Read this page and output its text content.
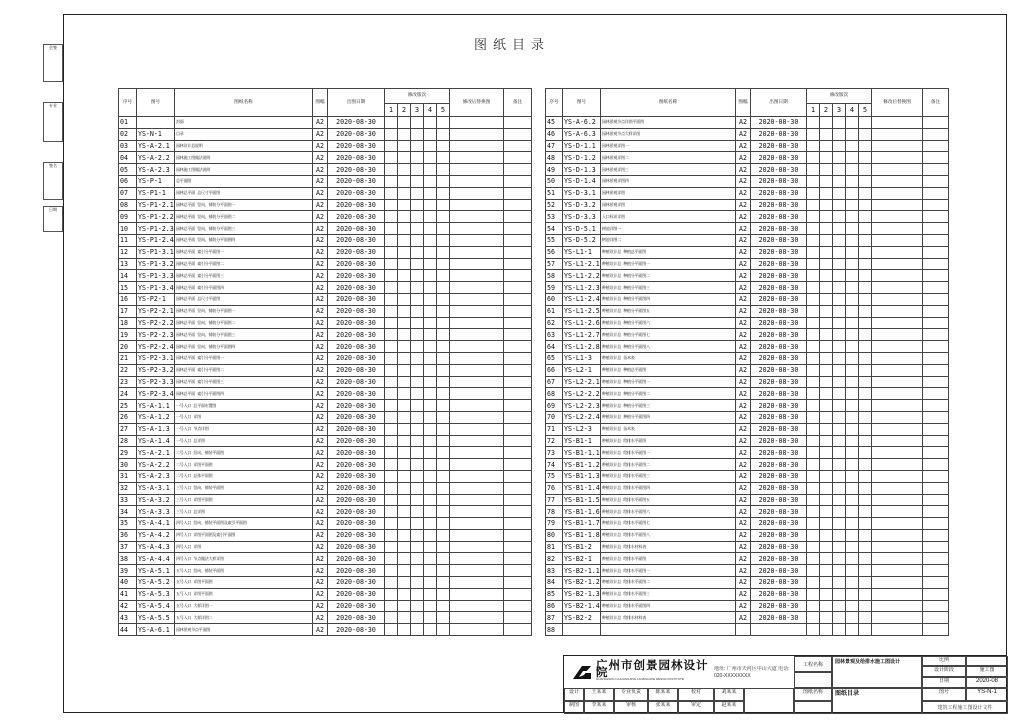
会签
专业
签名
日期
图纸目录
序号	图号	图纸名称	图幅	出图日期	修改版次					修改后替换图	备注
					1	2	3	4	5		
01		封面	A2	2020-08-30							
02	YS-N-1	目录	A2	2020-08-30							
03	YS-A-2.1	园林设计总说明	A2	2020-08-30							
04	YS-A-2.2	园林施工图做法说明	A2	2020-08-30							
05	YS-A-2.3	园林施工图做法说明	A2	2020-08-30							
06	YS-P-1	总平面图	A2	2020-08-30							
07	YS-P1-1	园林总平面 总尺寸平面图	A2	2020-08-30							
08	YS-P1-2.1	园林总平面 竖向、铺装分平面图一	A2	2020-08-30							
09	YS-P1-2.2	园林总平面 竖向、铺装分平面图二	A2	2020-08-30							
10	YS-P1-2.3	园林总平面 竖向、铺装分平面图三	A2	2020-08-30							
11	YS-P1-2.4	园林总平面 竖向、铺装分平面图四	A2	2020-08-30							
12	YS-P1-3.1	园林总平面 索引分平面图一	A2	2020-08-30							
13	YS-P1-3.2	园林总平面 索引分平面图二	A2	2020-08-30							
14	YS-P1-3.3	园林总平面 索引分平面图三	A2	2020-08-30							
15	YS-P1-3.4	园林总平面 索引分平面图四	A2	2020-08-30							
16	YS-P2-1	园林总平面 总尺寸平面图	A2	2020-08-30							
17	YS-P2-2.1	园林总平面 竖向、铺装分平面图一	A2	2020-08-30							
18	YS-P2-2.2	园林总平面 竖向、铺装分平面图二	A2	2020-08-30							
19	YS-P2-2.3	园林总平面 竖向、铺装分平面图三	A2	2020-08-30							
20	YS-P2-2.4	园林总平面 竖向、铺装分平面图四	A2	2020-08-30							
21	YS-P2-3.1	园林总平面 索引分平面图一	A2	2020-08-30							
22	YS-P2-3.2	园林总平面 索引分平面图二	A2	2020-08-30							
23	YS-P2-3.3	园林总平面 索引分平面图三	A2	2020-08-30							
24	YS-P2-3.4	园林总平面 索引分平面图四	A2	2020-08-30							
25	YS-A-1.1	一号入口 总平面布置图	A2	2020-08-30							
26	YS-A-1.2	一号入口 详图	A2	2020-08-30							
27	YS-A-1.3	一号入口 节点详图	A2	2020-08-30							
28	YS-A-1.4	一号入口 总详图	A2	2020-08-30							
29	YS-A-2.1	二号入口 竖向、铺装平面图	A2	2020-08-30							
30	YS-A-2.2	二号入口 详图平面图	A2	2020-08-30							
31	YS-A-2.3	二号入口 总体平面图	A2	2020-08-30							
32	YS-A-3.1	三号入口 竖向、铺装平面图	A2	2020-08-30							
33	YS-A-3.2	三号入口 详图平面图	A2	2020-08-30							
34	YS-A-3.3	三号入口 总详图	A2	2020-08-30							
35	YS-A-4.1	四号入口 竖向、铺装平面图及索引平面图	A2	2020-08-30							
36	YS-A-4.2	四号入口 详图平面图及索引平面图	A2	2020-08-30							
37	YS-A-4.3	四号入口 详图	A2	2020-08-30							
38	YS-A-4.4	四号入口 节点做法大样详图	A2	2020-08-30							
39	YS-A-5.1	五号入口 竖向、铺装平面图	A2	2020-08-30							
40	YS-A-5.2	五号入口 详图平面图	A2	2020-08-30							
41	YS-A-5.3	五号入口 详图平面图	A2	2020-08-30							
42	YS-A-5.4	五号入口 大样详图一	A2	2020-08-30							
43	YS-A-5.5	五号入口 大样详图二	A2	2020-08-30							
44	YS-A-6.1	园林景观节点平面图	A2	2020-08-30							
序号	图号	图纸名称	图幅	出图日期	修改版次					修改后替换图	备注
					1	2	3	4	5		
45	YS-A-6.2	园林景观节点详图平面图	A2	2020-08-30							
46	YS-A-6.3	园林景观节点大样详图	A2	2020-08-30							
47	YS-D-1.1	园林景观详图一	A2	2020-08-30							
48	YS-D-1.2	园林景观详图二	A2	2020-08-30							
49	YS-D-1.3	园林景观详图三	A2	2020-08-30							
50	YS-D-1.4	园林景观详图四	A2	2020-08-30							
51	YS-D-3.1	园林景观详图	A2	2020-08-30							
52	YS-D-3.2	园林景观详图	A2	2020-08-30							
53	YS-D-3.3	入口标识详图	A2	2020-08-30							
54	YS-D-5.1	树池详图一	A2	2020-08-30							
55	YS-D-5.2	树池详图二	A2	2020-08-30							
56	YS-L1-1	种植设计总 种植总平面图	A2	2020-08-30							
57	YS-L1-2.1	种植设计总 种植分平面图一	A2	2020-08-30							
58	YS-L1-2.2	种植设计总 种植分平面图二	A2	2020-08-30							
59	YS-L1-2.3	种植设计总 种植分平面图三	A2	2020-08-30							
60	YS-L1-2.4	种植设计总 种植分平面图四	A2	2020-08-30							
61	YS-L1-2.5	种植设计总 种植分平面图五	A2	2020-08-30							
62	YS-L1-2.6	种植设计总 种植分平面图六	A2	2020-08-30							
63	YS-L1-2.7	种植设计总 种植分平面图七	A2	2020-08-30							
64	YS-L1-2.8	种植设计总 种植分平面图八	A2	2020-08-30							
65	YS-L1-3	种植设计总 苗木表	A2	2020-08-30							
66	YS-L2-1	种植设计总 种植总平面图	A2	2020-08-30							
67	YS-L2-2.1	种植设计总 种植分平面图一	A2	2020-08-30							
68	YS-L2-2.2	种植设计总 种植分平面图二	A2	2020-08-30							
69	YS-L2-2.3	种植设计总 种植分平面图三	A2	2020-08-30							
70	YS-L2-2.4	种植设计总 种植分平面图四	A2	2020-08-30							
71	YS-L2-3	种植设计总 苗木表	A2	2020-08-30							
72	YS-B1-1	种植设计总 给排水平面图	A2	2020-08-30							
73	YS-B1-1.1	种植设计总 给排水平面图一	A2	2020-08-30							
74	YS-B1-1.2	种植设计总 给排水平面图二	A2	2020-08-30							
75	YS-B1-1.3	种植设计总 给排水平面图三	A2	2020-08-30							
76	YS-B1-1.4	种植设计总 给排水平面图四	A2	2020-08-30							
77	YS-B1-1.5	种植设计总 给排水平面图五	A2	2020-08-30							
78	YS-B1-1.6	种植设计总 给排水平面图六	A2	2020-08-30							
79	YS-B1-1.7	种植设计总 给排水平面图七	A2	2020-08-30							
80	YS-B1-1.8	种植设计总 给排水平面图八	A2	2020-08-30							
81	YS-B1-2	种植设计总 给排水材料表	A2	2020-08-30							
82	YS-B2-1	种植设计总 给排水平面图	A2	2020-08-30							
83	YS-B2-1.1	种植设计总 给排水平面图一	A2	2020-08-30							
84	YS-B2-1.2	种植设计总 给排水平面图二	A2	2020-08-30							
85	YS-B2-1.3	种植设计总 给排水平面图三	A2	2020-08-30							
86	YS-B2-1.4	种植设计总 给排水平面图四	A2	2020-08-30							
87	YS-B2-2	种植设计总 给排水材料表	A2	2020-08-30							
88											
广州市创景园林设计院
GUANGZHOU CHUANGJING LANDSCAPE DESIGN INSTITUTE
地址: 广州市天河区中山大道 电话: 020-XXXXXXXX
工程名称	园林景观及给排水施工图设计	比例
设计阶段	施工图
日期	2020-08
设计	王某某
制图	李某某
专业负责	陈某某
审核	张某某
校对	刘某某
审定	赵某某
图纸名称	图纸目录	图号	YS-N-1
建筑工程施工图设计文件
